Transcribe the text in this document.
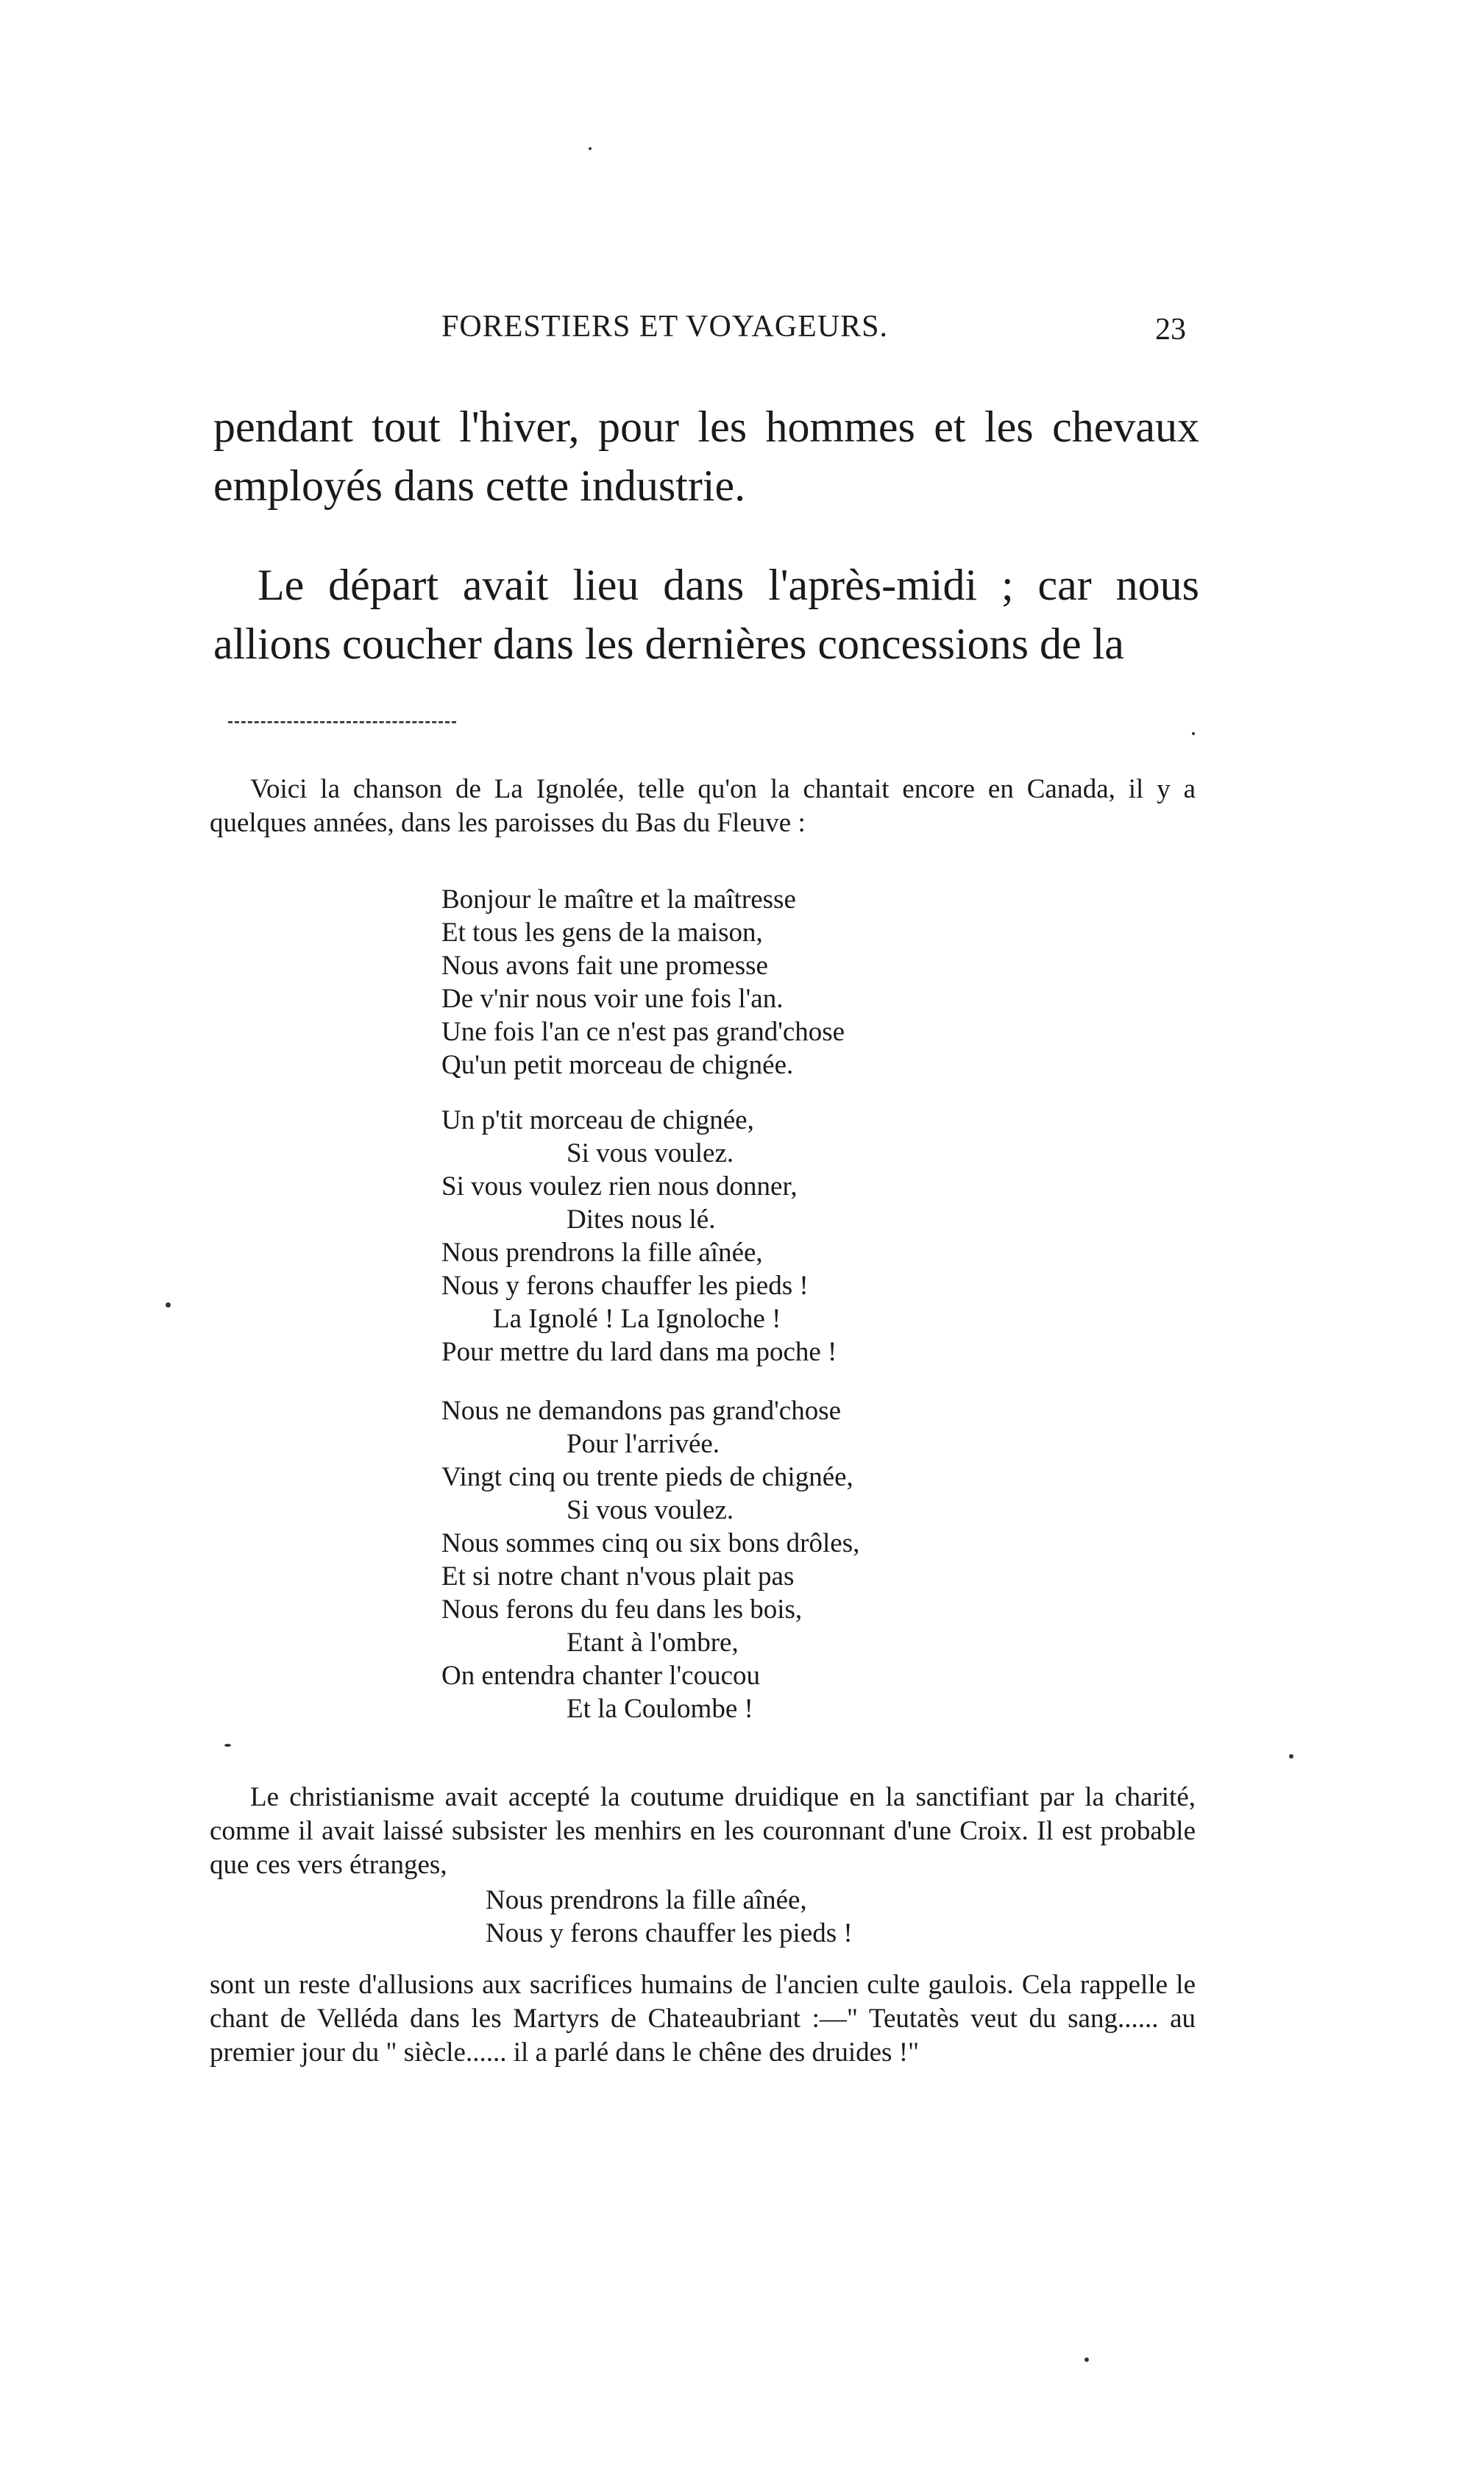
FORESTIERS ET VOYAGEURS.	23
pendant tout l'hiver, pour les hommes et les chevaux employés dans cette industrie.
Le départ avait lieu dans l'après-midi ; car nous allions coucher dans les dernières concessions de la
Voici la chanson de La Ignolée, telle qu'on la chantait encore en Canada, il y a quelques années, dans les paroisses du Bas du Fleuve :
Bonjour le maître et la maîtresse
Et tous les gens de la maison,
Nous avons fait une promesse
De v'nir nous voir une fois l'an.
Une fois l'an ce n'est pas grand'chose
Qu'un petit morceau de chignée.
Un p'tit morceau de chignée,
Si vous voulez.
Si vous voulez rien nous donner,
Dites nous lé.
Nous prendrons la fille aînée,
Nous y ferons chauffer les pieds !
La Ignolé ! La Ignoloche !
Pour mettre du lard dans ma poche !
Nous ne demandons pas grand'chose
Pour l'arrivée.
Vingt cinq ou trente pieds de chignée,
Si vous voulez.
Nous sommes cinq ou six bons drôles,
Et si notre chant n'vous plait pas
Nous ferons du feu dans les bois,
Etant à l'ombre,
On entendra chanter l'coucou
Et la Coulombe !
Le christianisme avait accepté la coutume druidique en la sanctifiant par la charité, comme il avait laissé subsister les menhirs en les couronnant d'une Croix. Il est probable que ces vers étranges,
Nous prendrons la fille aînée,
Nous y ferons chauffer les pieds !
sont un reste d'allusions aux sacrifices humains de l'ancien culte gaulois. Cela rappelle le chant de Velléda dans les Martyrs de Chateaubriant :—" Teutatès veut du sang...... au premier jour du " siècle...... il a parlé dans le chêne des druides !"
